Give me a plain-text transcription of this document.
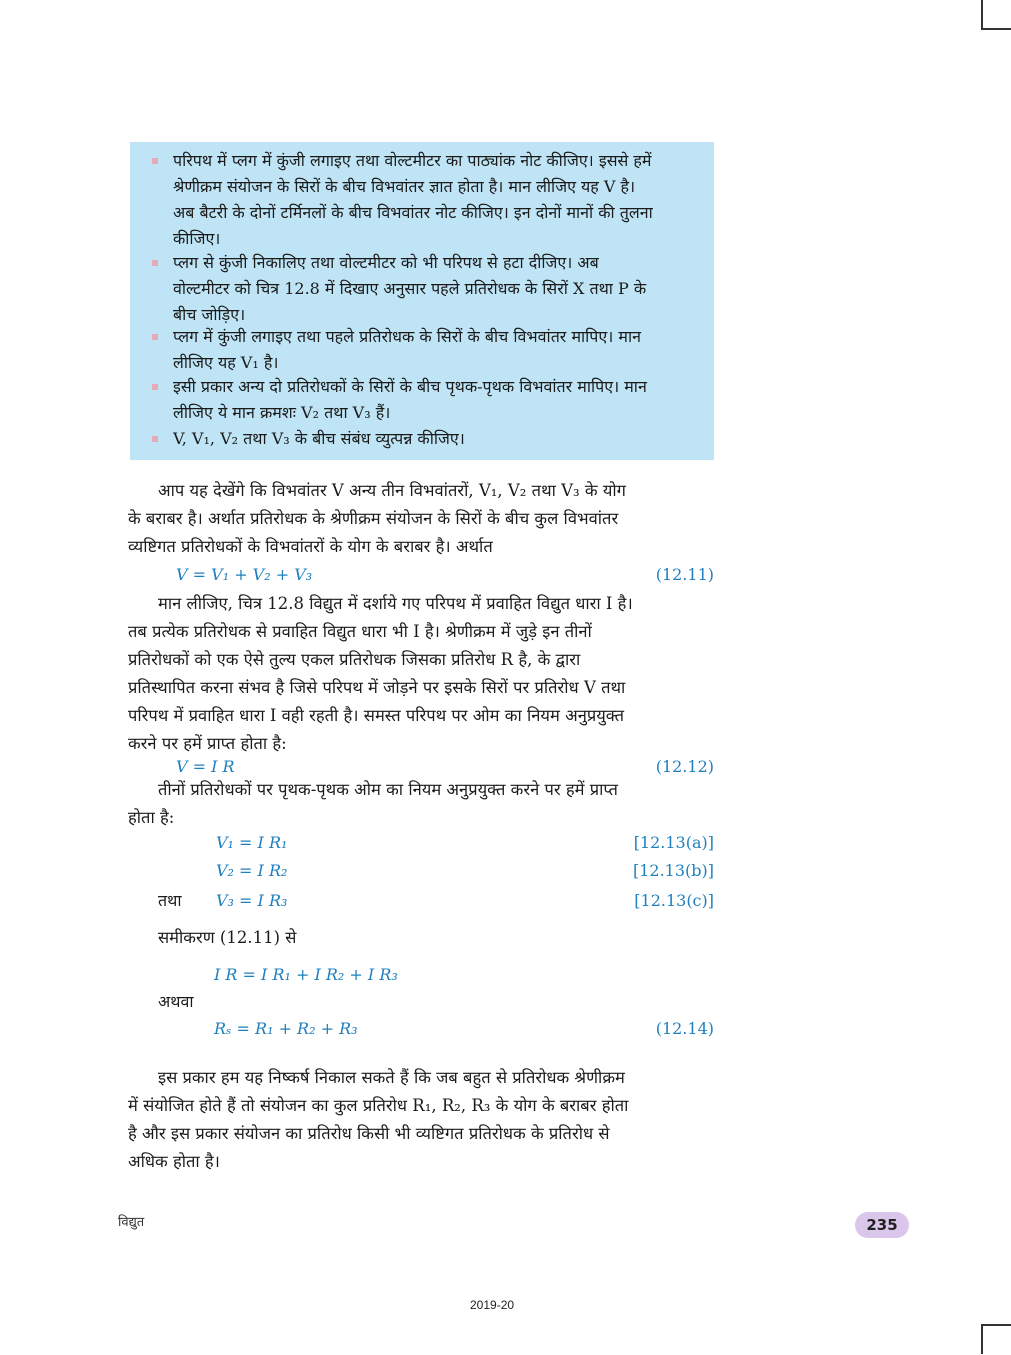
परिपथ में प्लग में कुंजी लगाइए तथा वोल्टमीटर का पाठ्यांक नोट कीजिए। इससे हमें
श्रेणीक्रम संयोजन के सिरों के बीच विभवांतर ज्ञात होता है। मान लीजिए यह V है।
अब बैटरी के दोनों टर्मिनलों के बीच विभवांतर नोट कीजिए। इन दोनों मानों की तुलना
कीजिए।
प्लग से कुंजी निकालिए तथा वोल्टमीटर को भी परिपथ से हटा दीजिए। अब
वोल्टमीटर को चित्र 12.8 में दिखाए अनुसार पहले प्रतिरोधक के सिरों X तथा P के
बीच जोड़िए।
प्लग में कुंजी लगाइए तथा पहले प्रतिरोधक के सिरों के बीच विभवांतर मापिए। मान
लीजिए यह V₁ है।
इसी प्रकार अन्य दो प्रतिरोधकों के सिरों के बीच पृथक-पृथक विभवांतर मापिए। मान
लीजिए ये मान क्रमशः V₂ तथा V₃ हैं।
V, V₁, V₂ तथा V₃ के बीच संबंध व्युत्पन्न कीजिए।
आप यह देखेंगे कि विभवांतर V अन्य तीन विभवांतरों, V₁, V₂ तथा V₃ के योग
के बराबर है। अर्थात प्रतिरोधक के श्रेणीक्रम संयोजन के सिरों के बीच कुल विभवांतर
व्यष्टिगत प्रतिरोधकों के विभवांतरों के योग के बराबर है। अर्थात
V = V₁ + V₂ + V₃	(12.11)
मान लीजिए, चित्र 12.8 विद्युत में दर्शाये गए परिपथ में प्रवाहित विद्युत धारा I है।
तब प्रत्येक प्रतिरोधक से प्रवाहित विद्युत धारा भी I है। श्रेणीक्रम में जुड़े इन तीनों
प्रतिरोधकों को एक ऐसे तुल्य एकल प्रतिरोधक जिसका प्रतिरोध R है, के द्वारा
प्रतिस्थापित करना संभव है जिसे परिपथ में जोड़ने पर इसके सिरों पर प्रतिरोध V तथा
परिपथ में प्रवाहित धारा I वही रहती है। समस्त परिपथ पर ओम का नियम अनुप्रयुक्त
करने पर हमें प्राप्त होता है:
V = I R	(12.12)
तीनों प्रतिरोधकों पर पृथक-पृथक ओम का नियम अनुप्रयुक्त करने पर हमें प्राप्त
होता है:
V₁ = I R₁	[12.13(a)]
V₂ = I R₂	[12.13(b)]
तथा	V₃ = I R₃	[12.13(c)]
समीकरण (12.11) से
I R = I R₁ + I R₂ + I R₃
अथवा
Rₛ = R₁ + R₂ + R₃	(12.14)
इस प्रकार हम यह निष्कर्ष निकाल सकते हैं कि जब बहुत से प्रतिरोधक श्रेणीक्रम
में संयोजित होते हैं तो संयोजन का कुल प्रतिरोध R₁, R₂, R₃ के योग के बराबर होता
है और इस प्रकार संयोजन का प्रतिरोध किसी भी व्यष्टिगत प्रतिरोधक के प्रतिरोध से
अधिक होता है।
विद्युत	235
2019-20
